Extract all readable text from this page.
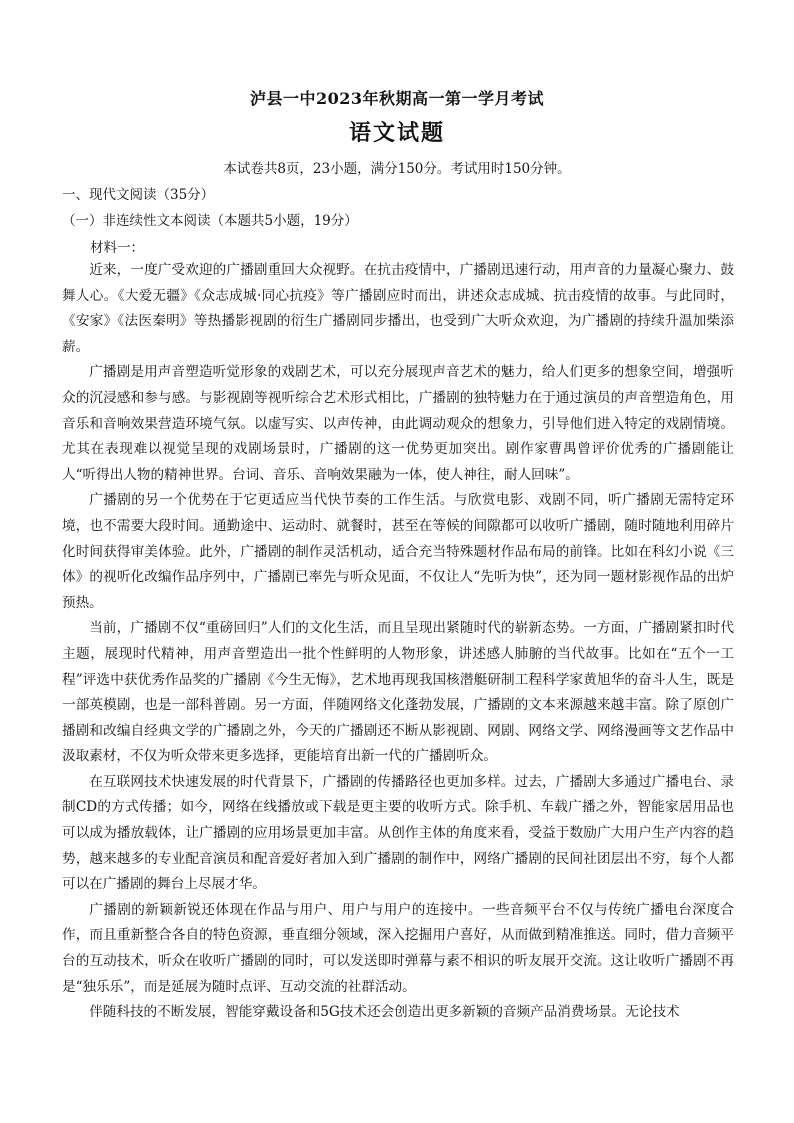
泸县一中2023年秋期高一第一学月考试
语文试题
本试卷共8页，23小题，满分150分。考试用时150分钟。
一、现代文阅读（35分）
（一）非连续性文本阅读（本题共5小题，19分）
材料一：

近来，一度广受欢迎的广播剧重回大众视野。在抗击疫情中，广播剧迅速行动，用声音的力量凝心聚力、鼓舞人心。《大爱无疆》《众志成城·同心抗疫》等广播剧应时而出，讲述众志成城、抗击疫情的故事。与此同时，《安家》《法医秦明》等热播影视剧的衍生广播剧同步播出，也受到广大听众欢迎，为广播剧的持续升温加柴添薪。

广播剧是用声音塑造听觉形象的戏剧艺术，可以充分展现声音艺术的魅力，给人们更多的想象空间，增强听众的沉浸感和参与感。与影视剧等视听综合艺术形式相比，广播剧的独特魅力在于通过演员的声音塑造角色，用音乐和音响效果营造环境气氛。以虚写实、以声传神，由此调动观众的想象力，引导他们进入特定的戏剧情境。尤其在表现难以视觉呈现的戏剧场景时，广播剧的这一优势更加突出。剧作家曹禺曾评价优秀的广播剧能让人“听得出人物的精神世界。台词、音乐、音响效果融为一体，使人神往，耐人回味”。

广播剧的另一个优势在于它更适应当代快节奏的工作生活。与欣赏电影、戏剧不同，听广播剧无需特定环境，也不需要大段时间。通勤途中、运动时、就餐时，甚至在等候的间隙都可以收听广播剧，随时随地利用碎片化时间获得审美体验。此外，广播剧的制作灵活机动，适合充当特殊题材作品布局的前锋。比如在科幻小说《三体》的视听化改编作品序列中，广播剧已率先与听众见面，不仅让人“先听为快”，还为同一题材影视作品的出炉预热。

当前，广播剧不仅“重磅回归”人们的文化生活，而且呈现出紧随时代的崭新态势。一方面，广播剧紧扣时代主题，展现时代精神，用声音塑造出一批个性鲜明的人物形象，讲述感人肺腑的当代故事。比如在“五个一工程”评选中获优秀作品奖的广播剧《今生无悔》，艺术地再现我国核潜艇研制工程科学家黄旭华的奋斗人生，既是一部英模剧，也是一部科普剧。另一方面，伴随网络文化蓬勃发展，广播剧的文本来源越来越丰富。除了原创广播剧和改编自经典文学的广播剧之外，今天的广播剧还不断从影视剧、网剧、网络文学、网络漫画等文艺作品中汲取素材，不仅为听众带来更多选择，更能培育出新一代的广播剧听众。

在互联网技术快速发展的时代背景下，广播剧的传播路径也更加多样。过去，广播剧大多通过广播电台、录制CD的方式传播；如今，网络在线播放或下载是更主要的收听方式。除手机、车载广播之外，智能家居用品也可以成为播放载体，让广播剧的应用场景更加丰富。从创作主体的角度来看，受益于数励广大用户生产内容的趋势，越来越多的专业配音演员和配音爱好者加入到广播剧的制作中，网络广播剧的民间社团层出不穷，每个人都可以在广播剧的舞台上尽展才华。

广播剧的新颖新锐还体现在作品与用户、用户与用户的连接中。一些音频平台不仅与传统广播电台深度合作，而且重新整合各自的特色资源，垂直细分领域，深入挖掘用户喜好，从而做到精准推送。同时，借力音频平台的互动技术，听众在收听广播剧的同时，可以发送即时弹幕与素不相识的听友展开交流。这让收听广播剧不再是“独乐乐”，而是延展为随时点评、互动交流的社群活动。

伴随科技的不断发展，智能穿戴设备和5G技术还会创造出更多新颖的音频产品消费场景。无论技术
